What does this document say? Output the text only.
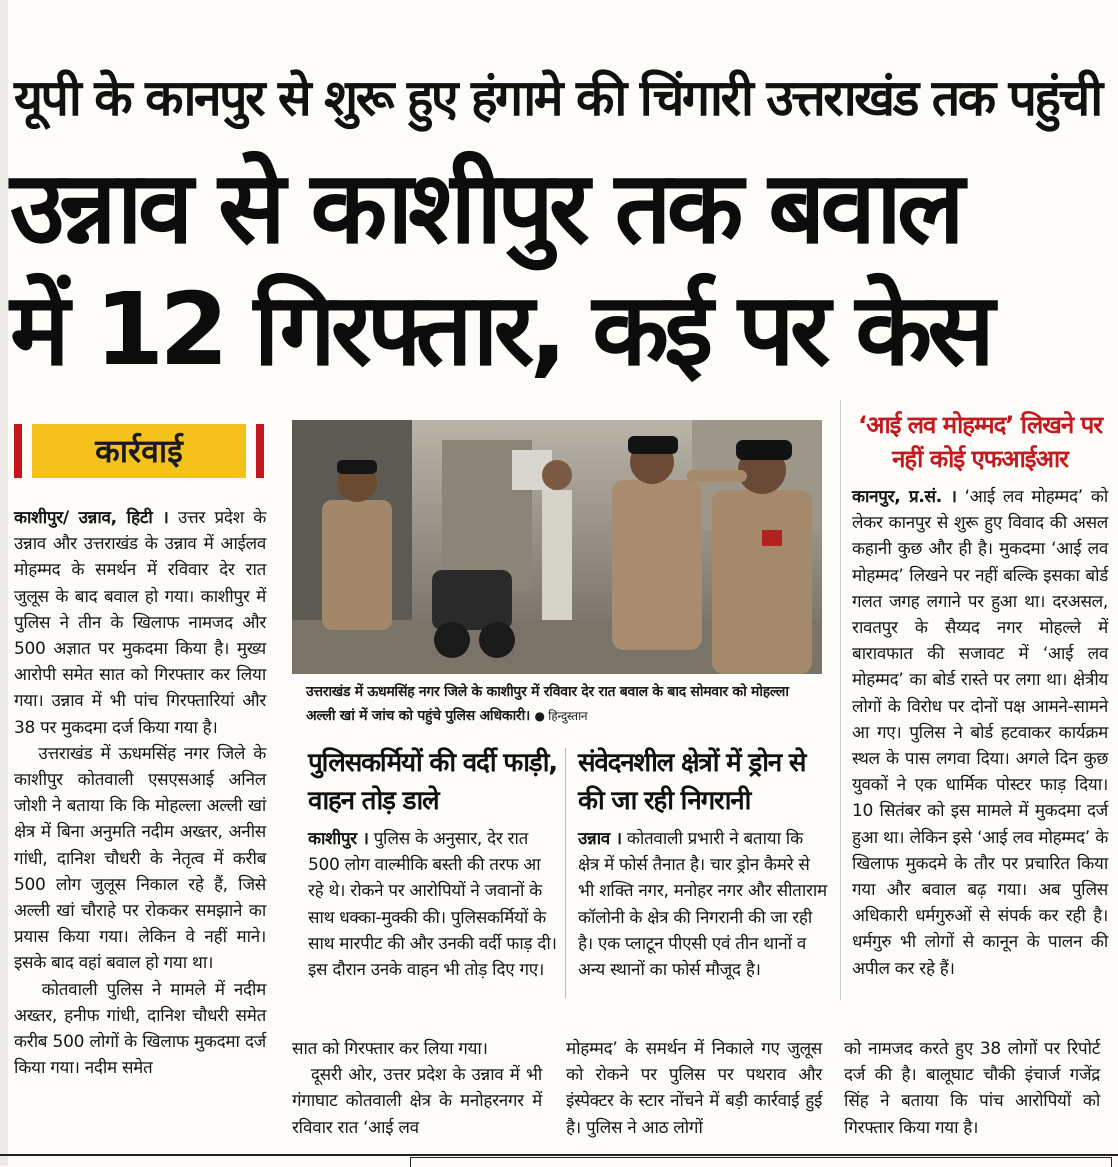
यूपी के कानपुर से शुरू हुए हंगामे की चिंगारी उत्तराखंड तक पहुंची
उन्नाव से काशीपुर तक बवाल
में 12 गिरफ्तार, कई पर केस
कार्रवाई
काशीपुर/ उन्नाव, हिटी । उत्तर प्रदेश के उन्नाव और उत्तराखंड के उन्नाव में आईलव मोहम्मद के समर्थन में रविवार देर रात जुलूस के बाद बवाल हो गया। काशीपुर में पुलिस ने तीन के खिलाफ नामजद और 500 अज्ञात पर मुकदमा किया है। मुख्य आरोपी समेत सात को गिरफ्तार कर लिया गया। उन्नाव में भी पांच गिरफ्तारियां और 38 पर मुकदमा दर्ज किया गया है।
उत्तराखंड में ऊधमसिंह नगर जिले के काशीपुर कोतवाली एसएसआई अनिल जोशी ने बताया कि कि मोहल्ला अल्ली खां क्षेत्र में बिना अनुमति नदीम अख्तर, अनीस गांधी, दानिश चौधरी के नेतृत्व में करीब 500 लोग जुलूस निकाल रहे हैं, जिसे अल्ली खां चौराहे पर रोककर समझाने का प्रयास किया गया। लेकिन वे नहीं माने। इसके बाद वहां बवाल हो गया था।
कोतवाली पुलिस ने मामले में नदीम अख्तर, हनीफ गांधी, दानिश चौधरी समेत करीब 500 लोगों के खिलाफ मुकदमा दर्ज किया गया। नदीम समेत
उत्तराखंड में ऊधमसिंह नगर जिले के काशीपुर में रविवार देर रात बवाल के बाद सोमवार को मोहल्ला अल्ली खां में जांच को पहुंचे पुलिस अधिकारी। ● हिन्दुस्तान
पुलिसकर्मियों की वर्दी फाड़ी, वाहन तोड़ डाले
संवेदनशील क्षेत्रों में ड्रोन से की जा रही निगरानी
काशीपुर । पुलिस के अनुसार, देर रात 500 लोग वाल्मीकि बस्ती की तरफ आ रहे थे। रोकने पर आरोपियों ने जवानों के साथ धक्का-मुक्की की। पुलिसकर्मियों के साथ मारपीट की और उनकी वर्दी फाड़ दी। इस दौरान उनके वाहन भी तोड़ दिए गए।
उन्नाव । कोतवाली प्रभारी ने बताया कि क्षेत्र में फोर्स तैनात है। चार ड्रोन कैमरे से भी शक्ति नगर, मनोहर नगर और सीताराम कॉलोनी के क्षेत्र की निगरानी की जा रही है। एक प्लाटून पीएसी एवं तीन थानों व अन्य स्थानों का फोर्स मौजूद है।
‘आई लव मोहम्मद’ लिखने पर नहीं कोई एफआईआर
कानपुर, प्र.सं. । ‘आई लव मोहम्मद’ को लेकर कानपुर से शुरू हुए विवाद की असल कहानी कुछ और ही है। मुकदमा ‘आई लव मोहम्मद’ लिखने पर नहीं बल्कि इसका बोर्ड गलत जगह लगाने पर हुआ था। दरअसल, रावतपुर के सैय्यद नगर मोहल्ले में बारावफात की सजावट में ‘आई लव मोहम्मद’ का बोर्ड रास्ते पर लगा था। क्षेत्रीय लोगों के विरोध पर दोनों पक्ष आमने-सामने आ गए। पुलिस ने बोर्ड हटवाकर कार्यक्रम स्थल के पास लगवा दिया। अगले दिन कुछ युवकों ने एक धार्मिक पोस्टर फाड़ दिया। 10 सितंबर को इस मामले में मुकदमा दर्ज हुआ था। लेकिन इसे ‘आई लव मोहम्मद’ के खिलाफ मुकदमे के तौर पर प्रचारित किया गया और बवाल बढ़ गया। अब पुलिस अधिकारी धर्मगुरुओं से संपर्क कर रही है। धर्मगुरु भी लोगों से कानून के पालन की अपील कर रहे हैं।
सात को गिरफ्तार कर लिया गया।
दूसरी ओर, उत्तर प्रदेश के उन्नाव में भी गंगाघाट कोतवाली क्षेत्र के मनोहरनगर में रविवार रात ‘आई लव
मोहम्मद’ के समर्थन में निकाले गए जुलूस को रोकने पर पुलिस पर पथराव और इंस्पेक्टर के स्टार नोंचने में बड़ी कार्रवाई हुई है। पुलिस ने आठ लोगों
को नामजद करते हुए 38 लोगों पर रिपोर्ट दर्ज की है। बालूघाट चौकी इंचार्ज गजेंद्र सिंह ने बताया कि पांच आरोपियों को गिरफ्तार किया गया है।
